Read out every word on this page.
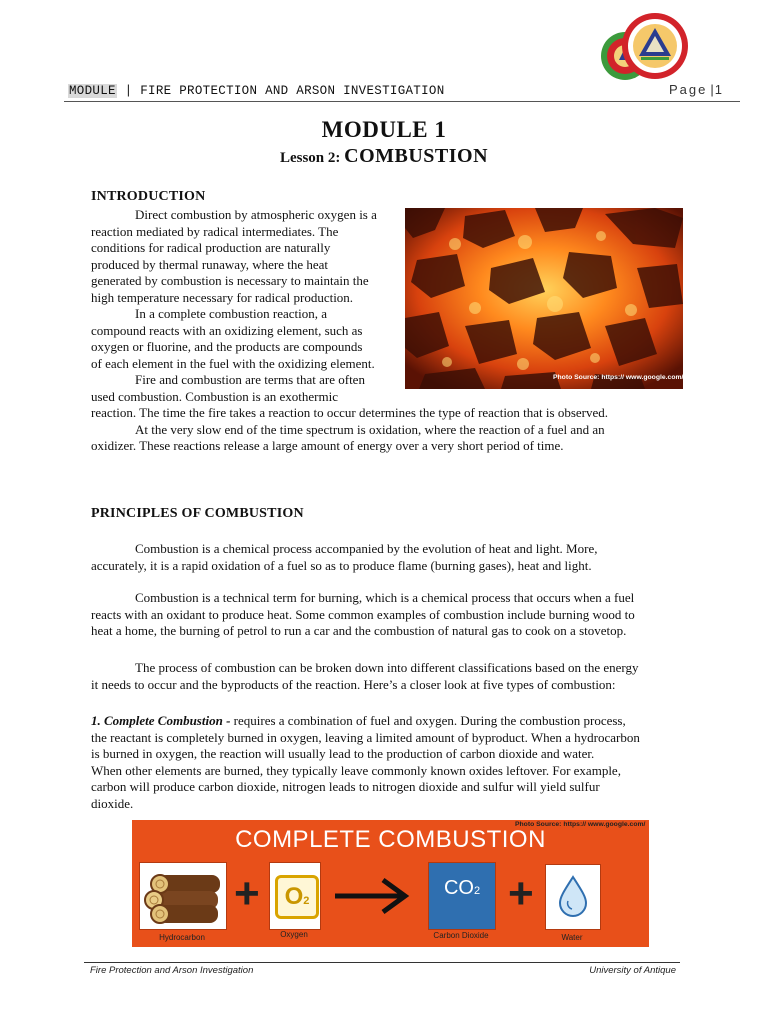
MODULE | FIRE PROTECTION AND ARSON INVESTIGATION	Page |1
MODULE 1
Lesson 2: COMBUSTION
INTRODUCTION
Direct combustion by atmospheric oxygen is a
reaction mediated by radical intermediates. The
conditions for radical production are naturally
produced by thermal runaway, where the heat
generated by combustion is necessary to maintain the
high temperature necessary for radical production.
In a complete combustion reaction, a
compound reacts with an oxidizing element, such as
oxygen or fluorine, and the products are compounds
of each element in the fuel with the oxidizing element.
Fire and combustion are terms that are often
used combustion. Combustion is an exothermic
reaction. The time the fire takes a reaction to occur determines the type of reaction that is observed.
At the very slow end of the time spectrum is oxidation, where the reaction of a fuel and an
oxidizer. These reactions release a large amount of energy over a very short period of time.
Photo Source: https:// www.google.com/
PRINCIPLES OF COMBUSTION
Combustion is a chemical process accompanied by the evolution of heat and light. More,
accurately, it is a rapid oxidation of a fuel so as to produce flame (burning gases), heat and light.
Combustion is a technical term for burning, which is a chemical process that occurs when a fuel
reacts with an oxidant to produce heat. Some common examples of combustion include burning wood to
heat a home, the burning of petrol to run a car and the combustion of natural gas to cook on a stovetop.
The process of combustion can be broken down into different classifications based on the energy
it needs to occur and the byproducts of the reaction. Here’s a closer look at five types of combustion:
1. Complete Combustion - requires a combination of fuel and oxygen. During the combustion process,
the reactant is completely burned in oxygen, leaving a limited amount of byproduct. When a hydrocarbon
is burned in oxygen, the reaction will usually lead to the production of carbon dioxide and water.
When other elements are burned, they typically leave commonly known oxides leftover. For example,
carbon will produce carbon dioxide, nitrogen leads to nitrogen dioxide and sulfur will yield sulfur
dioxide.
Photo Source: https:// www.google.com/
COMPLETE COMBUSTION
Hydrocarbon
+	O2
Oxygen
CO2
Carbon Dioxide
+
Water
Fire Protection and Arson Investigation	University of Antique
